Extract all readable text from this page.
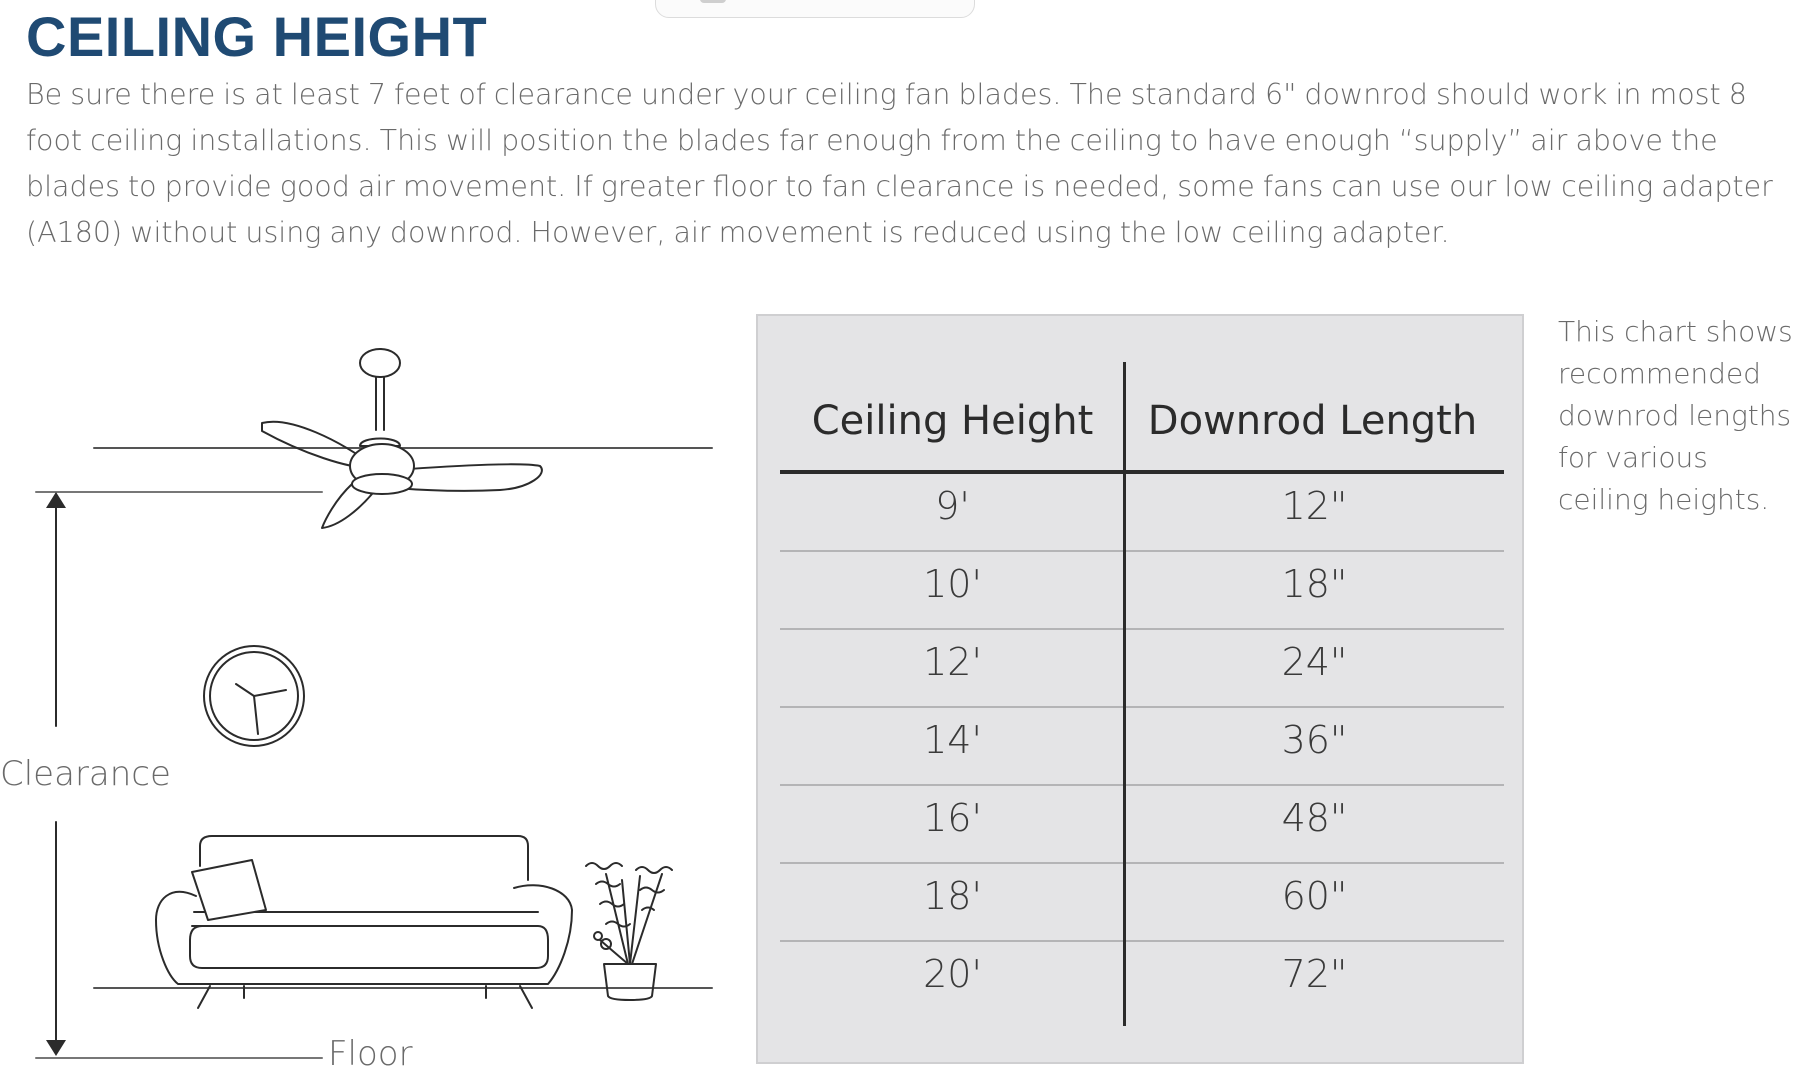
CEILING HEIGHT

Be sure there is at least 7 feet of clearance under your ceiling fan blades. The standard 6" downrod should work in most 8 foot ceiling installations. This will position the blades far enough from the ceiling to have enough “supply” air above the blades to provide good air movement. If greater floor to fan clearance is needed, some fans can use our low ceiling adapter (A180) without using any downrod. However, air movement is reduced using the low ceiling adapter.

Clearance
Floor
Ceiling Height	Downrod Length
9'	12"
10'	18"
12'	24"
14'	36"
16'	48"
18'	60"
20'	72"

This chart shows recommended downrod lengths for various ceiling heights.
